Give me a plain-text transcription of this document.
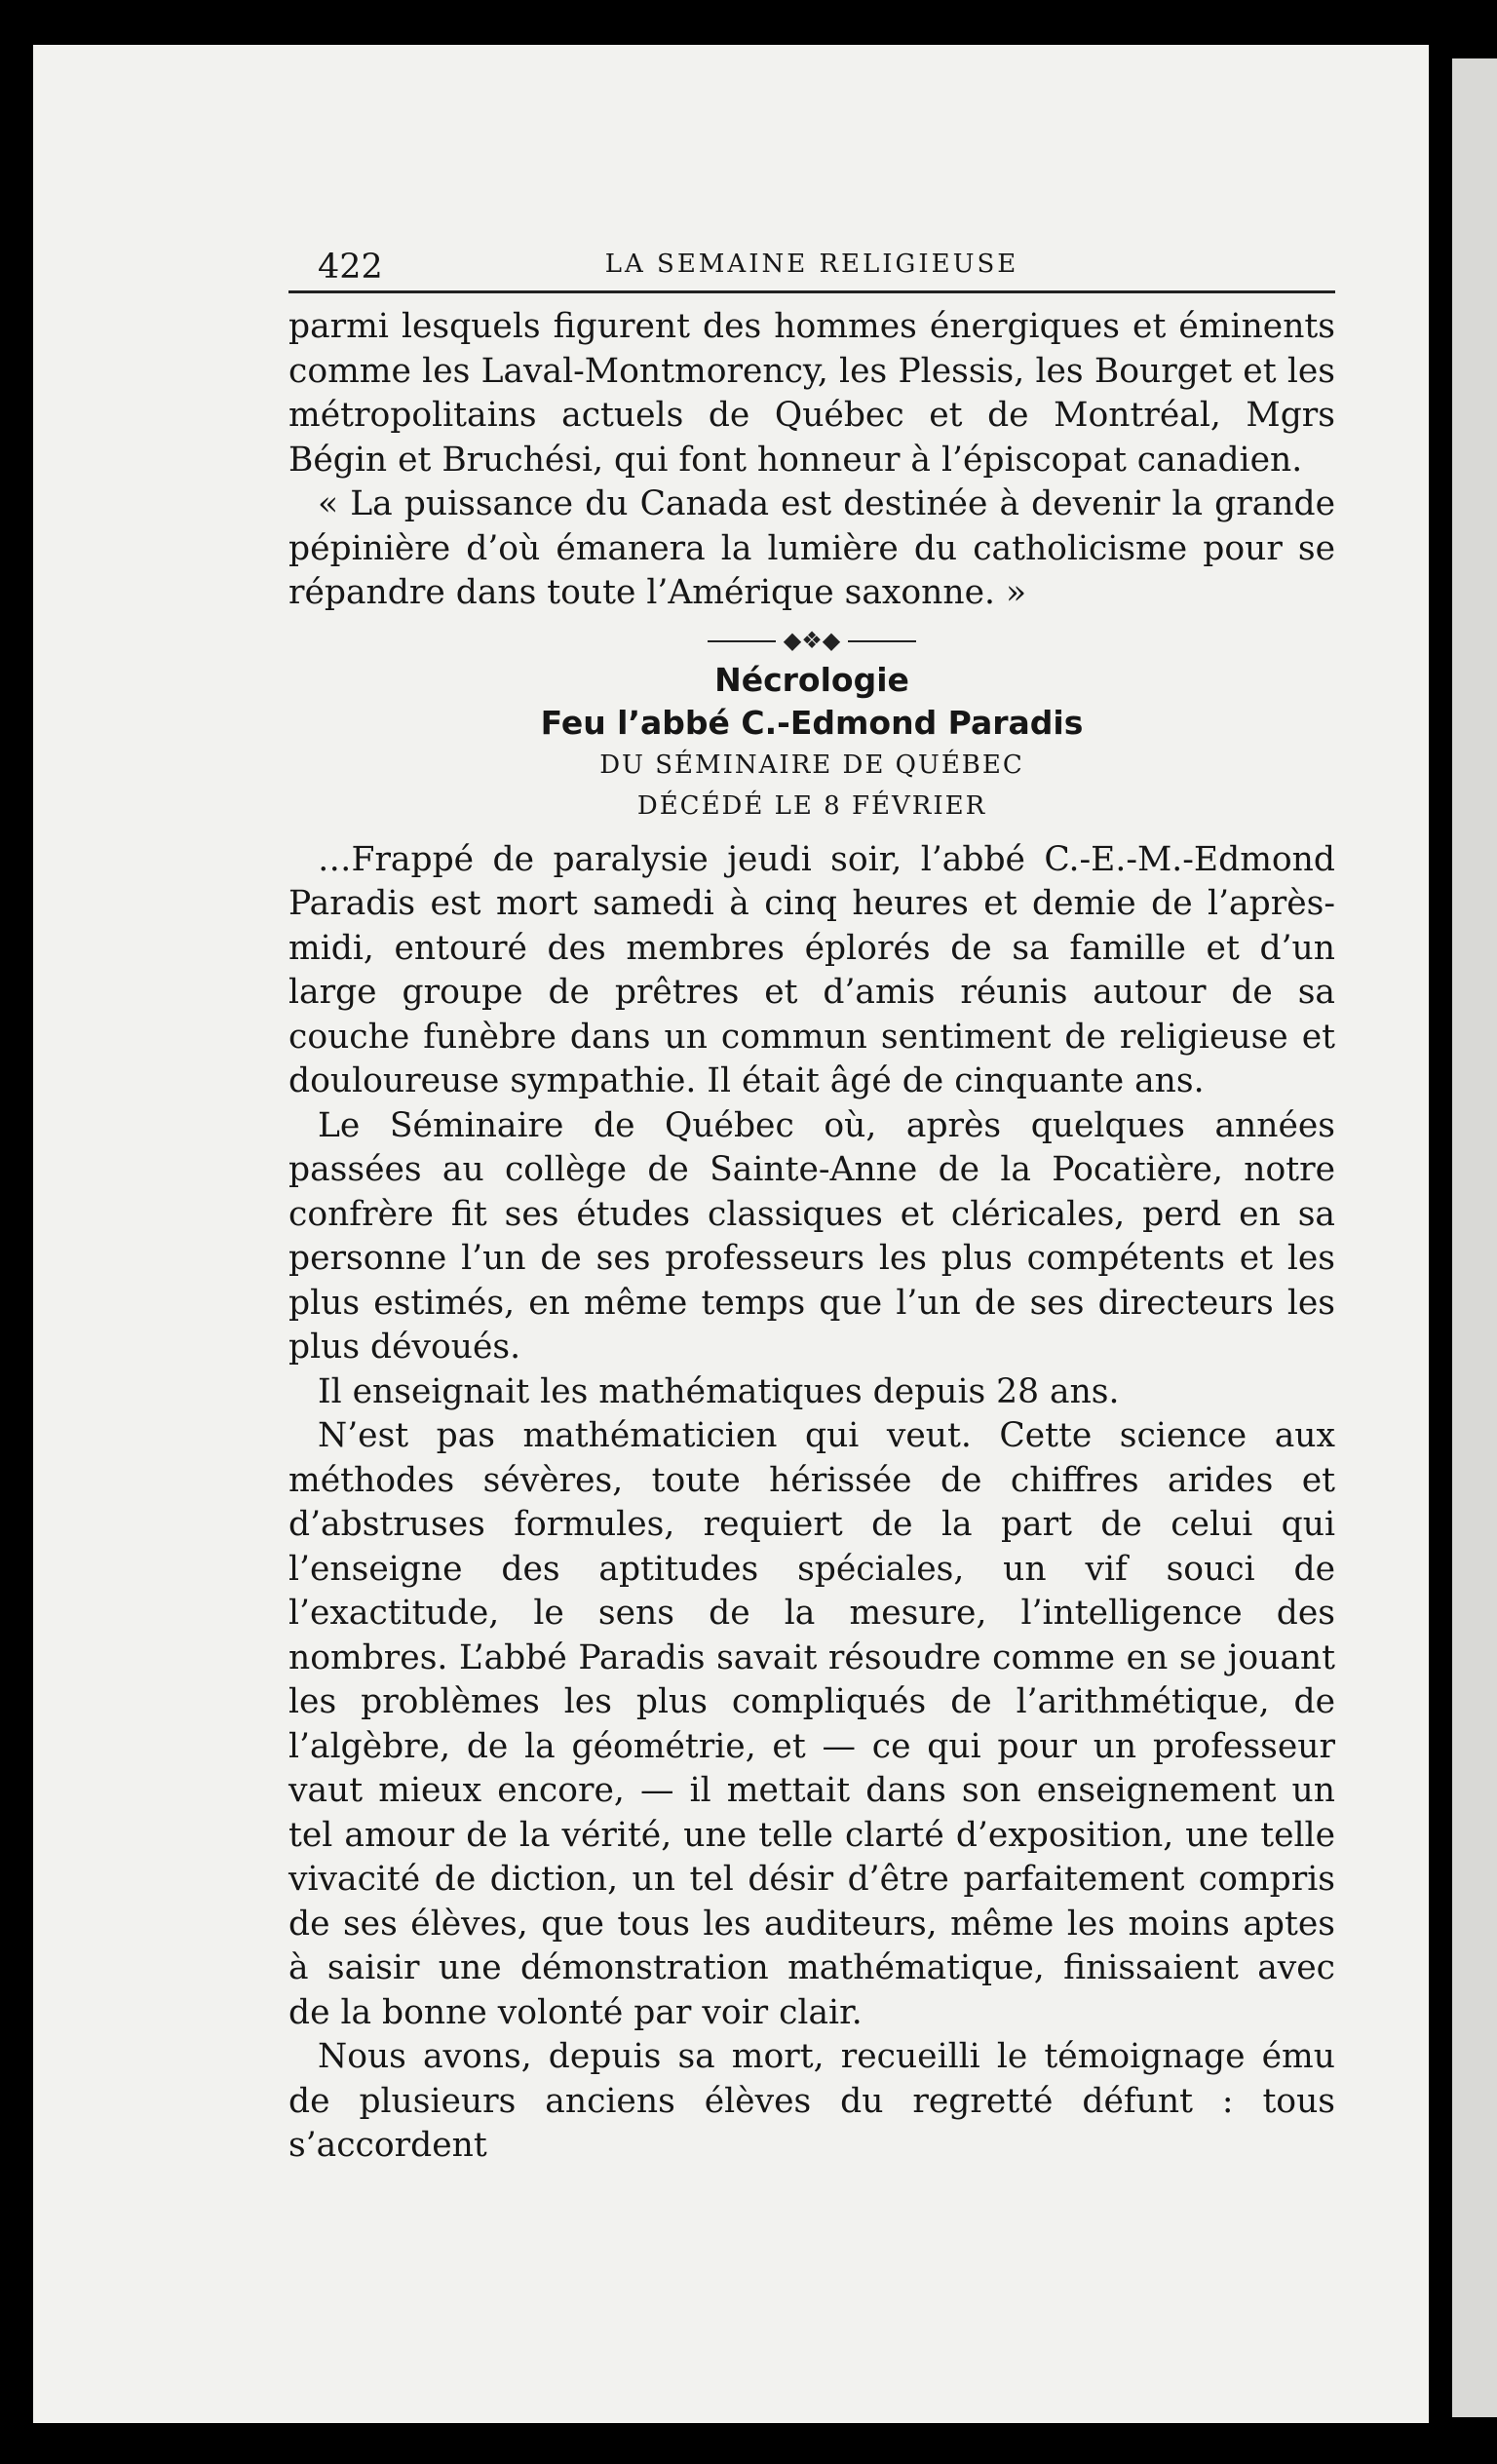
422	LA SEMAINE RELIGIEUSE

parmi lesquels figurent des hommes énergiques et éminents comme les Laval-Montmorency, les Plessis, les Bourget et les métropolitains actuels de Québec et de Montréal, Mgrs Bégin et Bruchési, qui font honneur à l’épiscopat canadien.

« La puissance du Canada est destinée à devenir la grande pépinière d’où émanera la lumière du catholicisme pour se répandre dans toute l’Amérique saxonne. »

◆❖◆

Nécrologie

Feu l’abbé C.-Edmond Paradis

DU SÉMINAIRE DE QUÉBEC

DÉCÉDÉ LE 8 FÉVRIER

…Frappé de paralysie jeudi soir, l’abbé C.-E.-M.-Edmond Paradis est mort samedi à cinq heures et demie de l’après-midi, entouré des membres éplorés de sa famille et d’un large groupe de prêtres et d’amis réunis autour de sa couche funèbre dans un commun sentiment de religieuse et douloureuse sympathie. Il était âgé de cinquante ans.

Le Séminaire de Québec où, après quelques années passées au collège de Sainte-Anne de la Pocatière, notre confrère fit ses études classiques et cléricales, perd en sa personne l’un de ses professeurs les plus compétents et les plus estimés, en même temps que l’un de ses directeurs les plus dévoués.

Il enseignait les mathématiques depuis 28 ans.

N’est pas mathématicien qui veut. Cette science aux méthodes sévères, toute hérissée de chiffres arides et d’abstruses formules, requiert de la part de celui qui l’enseigne des aptitudes spéciales, un vif souci de l’exactitude, le sens de la mesure, l’intelligence des nombres. L’abbé Paradis savait résoudre comme en se jouant les problèmes les plus compliqués de l’arithmétique, de l’algèbre, de la géométrie, et — ce qui pour un professeur vaut mieux encore, — il mettait dans son enseignement un tel amour de la vérité, une telle clarté d’exposition, une telle vivacité de diction, un tel désir d’être parfaitement compris de ses élèves, que tous les auditeurs, même les moins aptes à saisir une démonstration mathématique, finissaient avec de la bonne volonté par voir clair.

Nous avons, depuis sa mort, recueilli le témoignage ému de plusieurs anciens élèves du regretté défunt : tous s’accordent
